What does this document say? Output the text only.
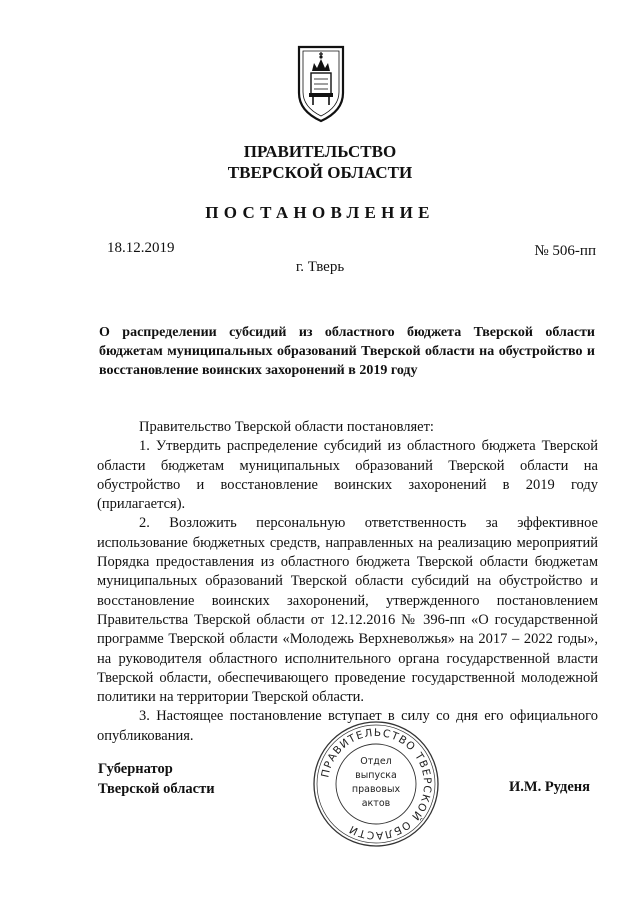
ПРАВИТЕЛЬСТВО
ТВЕРСКОЙ ОБЛАСТИ
ПОСТАНОВЛЕНИЕ
18.12.2019	№ 506-пп
г. Тверь
О распределении субсидий из областного бюджета Тверской области бюджетам муниципальных образований Тверской области на обустройство и восстановление воинских захоронений в 2019 году

Правительство Тверской области постановляет:

1. Утвердить распределение субсидий из областного бюджета Тверской области бюджетам муниципальных образований Тверской области на обустройство и восстановление воинских захоронений в 2019 году (прилагается).

2. Возложить персональную ответственность за эффективное использование бюджетных средств, направленных на реализацию мероприятий Порядка предоставления из областного бюджета Тверской области бюджетам муниципальных образований Тверской области субсидий на обустройство и восстановление воинских захоронений, утвержденного постановлением Правительства Тверской области от 12.12.2016 № 396-пп «О государственной программе Тверской области «Молодежь Верхневолжья» на 2017 – 2022 годы», на руководителя областного исполнительного органа государственной власти Тверской области, обеспечивающего проведение государственной молодежной политики на территории Тверской области.

3. Настоящее постановление вступает в силу со дня его официального опубликования.

Губернатор
Тверской области	И.М. Руденя
ПРАВИТЕЛЬСТВО ТВЕРСКОЙ ОБЛАСТИ
Отдел
выпуска
правовых
актов
